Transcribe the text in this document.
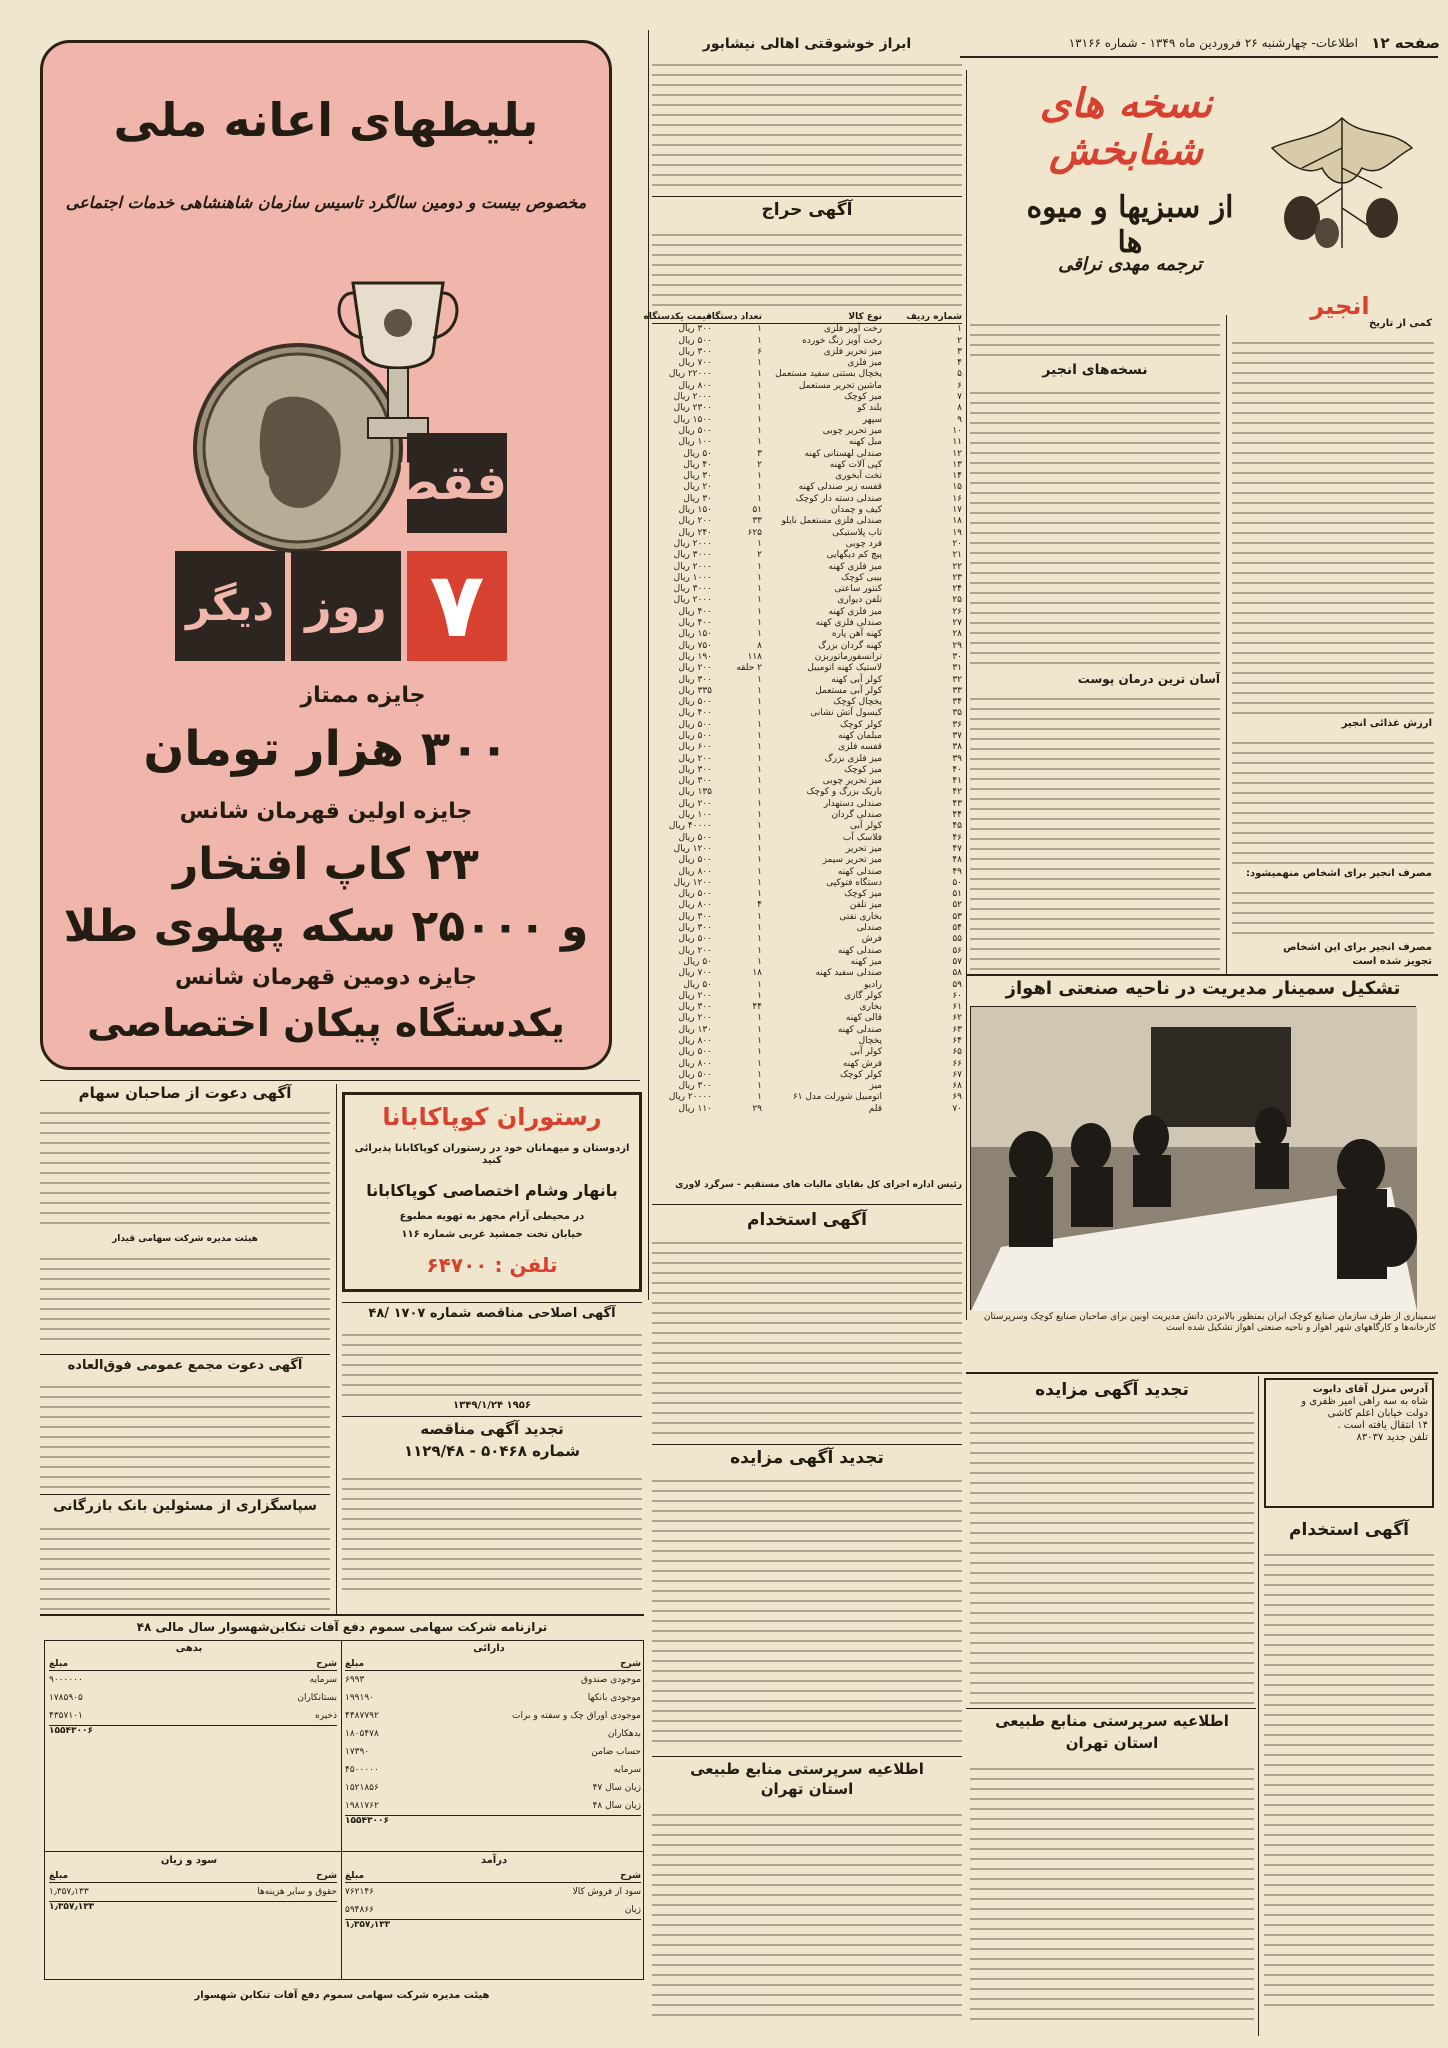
صفحه ۱۲
اطلاعات- چهارشنبه ۲۶ فروردین ماه ۱۳۴۹ - شماره ۱۳۱۶۶
نسخه های شفابخش
از سبزیها و میوه ها
ترجمه مهدی نراقی
انجیر
کمی از تاریخ
ارزش غذائی انجیر
مصرف انجیر برای اشخاص منهمیشود:
مصرف انجیر برای این اشخاص
تجویز شده است
نسخه‌های انجیر
آسان ترین درمان پوست
تشکیل سمینار مدیریت در ناحیه صنعتی اهواز
سمیناری از طرف سازمان صنایع کوچک ایران بمنظور بالابردن دانش مدیریت اوبین برای صاحبان صنایع کوچک وسرپرستان کارخانه‌ها و کارگاههای شهر اهواز و ناحیه صنعتی اهواز تشکیل شده است
آدرس منزل آقای دابوت
شاه به سه راهی امیر ظفری و
دولت خیابان اعلم کاشی
۱۴ انتقال یافته است .
تلفن جدید ۸۳۰۳۷
آگهی استخدام
تجدید آگهی مزایده
اطلاعیه سرپرستی منابع طبیعی
استان تهران
ابراز خوشوقتی اهالی نیشابور
آگهی حراج
شماره ردیف
نوع کالا
تعداد دستگاه
قیمت یکدستگاه
۱
رخت آویز فلزی
۱
۳۰۰ ریال
۲
رخت آویز زنگ خورده
۱
۵۰۰ ریال
۳
میز تحریر فلزی
۶
۳۰۰ ریال
۴
میز فلزی
۱
۷۰۰ ریال
۵
یخچال بستنی سفید مستعمل
۱
۲۲۰۰۰ ریال
۶
ماشین تحریر مستعمل
۱
۸۰۰ ریال
۷
میز کوچک
۱
۲۰۰۰ ریال
۸
بلند کو
۱
۲۳۰۰ ریال
۹
سپهر
۱
۱۵۰۰ ریال
۱۰
میز تحریر چوبی
۱
۵۰۰ ریال
۱۱
مبل کهنه
۱
۱۰۰ ریال
۱۲
صندلی لهستانی کهنه
۳
۵۰ ریال
۱۳
کپی آلات کهنه
۲
۴۰ ریال
۱۴
تخت آبخوری
۱
۳۰ ریال
۱۵
قفسه زیر صندلی کهنه
۱
۲۰ ریال
۱۶
صندلی دسته دار کوچک
۱
۳۰ ریال
۱۷
کیف و چمدان
۵۱
۱۵۰ ریال
۱۸
صندلی فلزی مستعمل نایلو
۳۳
۲۰۰ ریال
۱۹
تاب پلاستیکی
۶۲۵
۲۴۰ ریال
۲۰
فرد چوبی
۱
۲۰۰۰ ریال
۲۱
پیچ کم دیگهایی
۲
۳۰۰۰ ریال
۲۲
میز فلزی کهنه
۱
۲۰۰۰ ریال
۲۳
بیبی کوچک
۱
۱۰۰۰ ریال
۲۴
کنتور ساعتی
۱
۳۰۰۰ ریال
۲۵
تلفن دیواری
۱
۲۰۰۰ ریال
۲۶
میز فلزی کهنه
۱
۴۰۰ ریال
۲۷
صندلی فلزی کهنه
۱
۴۰۰ ریال
۲۸
کهنه آهن پاره
۱
۱۵۰ ریال
۲۹
کهنه گردان بزرگ
۸
۷۵۰ ریال
۳۰
ترانسفورماتوربزن
۱۱۸
۱۹۰ ریال
۳۱
لاستیک کهنه اتومبیل
۲ حلقه
۲۰۰ ریال
۳۲
کولر آبی کهنه
۱
۳۰۰ ریال
۳۳
کولر آبی مستعمل
۱
۳۳۵ ریال
۳۴
یخچال کوچک
۱
۵۰۰ ریال
۳۵
کیسول آتش نشانی
۱
۴۰۰ ریال
۳۶
کولر کوچک
۱
۵۰۰ ریال
۳۷
مبلمان کهنه
۱
۵۰۰ ریال
۳۸
قفسه فلزی
۱
۶۰۰ ریال
۳۹
میز فلزی بزرگ
۱
۲۰۰ ریال
۴۰
میز کوچک
۱
۳۰۰ ریال
۴۱
میز تحریر چوبی
۱
۳۰۰ ریال
۴۲
باریک بزرگ و کوچک
۱
۱۳۵ ریال
۴۳
صندلی دستهدار
۱
۲۰۰ ریال
۴۴
صندلی گردان
۱
۱۰۰ ریال
۴۵
کولر آبی
۱
۴۰۰۰۰ ریال
۴۶
فلاسک آب
۱
۵۰۰ ریال
۴۷
میز تحریر
۱
۱۲۰۰ ریال
۴۸
میز تحریر سیمز
۱
۵۰۰ ریال
۴۹
صندلی کهنه
۱
۸۰۰ ریال
۵۰
دستگاه فتوکپی
۱
۱۲۰۰ ریال
۵۱
میز کوچک
۱
۵۰۰ ریال
۵۲
میز تلفن
۴
۸۰۰ ریال
۵۳
بخاری نفتی
۱
۳۰۰ ریال
۵۴
صندلی
۱
۳۰۰ ریال
۵۵
فرش
۱
۵۰۰ ریال
۵۶
صندلی کهنه
۱
۲۰۰ ریال
۵۷
میز کهنه
۱
۵۰ ریال
۵۸
صندلی سفید کهنه
۱۸
۷۰۰ ریال
۵۹
رادیو
۱
۵۰ ریال
۶۰
کولر گازی
۱
۲۰۰ ریال
۶۱
بخاری
۴۴
۳۰۰ ریال
۶۲
قالی کهنه
۱
۲۰۰ ریال
۶۳
صندلی کهنه
۱
۱۳۰ ریال
۶۴
یخچال
۱
۸۰۰ ریال
۶۵
کولر آبی
۱
۵۰۰ ریال
۶۶
فرش کهنه
۱
۸۰۰ ریال
۶۷
کولر کوچک
۱
۵۰۰ ریال
۶۸
میز
۱
۳۰۰ ریال
۶۹
اتومبیل شورلت مدل ۶۱
۱
۲۰۰۰۰ ریال
۷۰
قلم
۲۹
۱۱۰ ریال
رئیس اداره اجرای کل بقایای مالیات های مستقیم - سرگرد لاوری
آگهی استخدام
تجدید آگهی مزایده
اطلاعیه سرپرستی منابع طبیعی
استان تهران
بلیطهای اعانه ملی
مخصوص بیست و دومین سالگرد تاسیس سازمان شاهنشاهی خدمات اجتماعی
فقط
۷
روز
دیگر
جایزه ممتاز
۳۰۰ هزار تومان
جایزه اولین قهرمان شانس
۲۳ کاپ افتخار
و ۲۵۰۰۰ سکه پهلوی طلا
جایزه دومین قهرمان شانس
یکدستگاه پیکان اختصاصی
آگهی دعوت از صاحبان سهام
هیئت مدیره شرکت سهامی قیدار
آگهی دعوت مجمع عمومی فوق‌العاده
سپاسگزاری از مسئولین بانک بازرگانی
رستوران کوپاکابانا
ازدوستان و میهمانان خود در رستوران کوپاکابانا پذیرائی کنید
بانهار وشام اختصاصی کوپاکابانا
در محیطی آرام مجهز به تهویه مطبوع
خیابان تخت جمشید غربی شماره ۱۱۶
تلفن : ۶۴۷۰۰
آگهی اصلاحی مناقصه شماره ۱۷۰۷ /۴۸
۱۹۵۶ ۱۳۴۹/۱/۲۴
تجدید آگهی مناقصه
شماره ۵۰۴۶۸ - ۱۱۲۹/۴۸
ترازنامه شرکت سهامی سموم دفع آفات تنکابن‌شهسوار سال مالی ۴۸
دارائی
بدهی
شرح
مبلغ
موجودی صندوق
۶۹۹۳
موجودی بانکها
۱۹۹۱۹۰
موجودی اوراق چک و سفته و برات
۴۴۸۷۷۹۲
بدهکاران
۱۸۰۵۴۷۸
حساب ضامن
۱۷۳۹۰
سرمایه
۴۵۰۰۰۰۰
زیان سال ۴۷
۱۵۲۱۸۵۶
زیان سال ۴۸
۱۹۸۱۷۶۲
۱۵۵۴۳۰۰۶
شرح
مبلغ
سرمایه
۹۰۰۰۰۰۰
بستانکاران
۱۷۸۵۹۰۵
ذخیره
۴۳۵۷۱۰۱
۱۵۵۴۳۰۰۶
درآمد
سود و زیان
شرح
مبلغ
سود از فروش کالا
۷۶۲۱۴۶
زیان
۵۹۴۸۶۶
۱٫۳۵۷٫۱۳۳
شرح
مبلغ
حقوق و سایر هزینه‌ها
۱٫۳۵۷٫۱۳۳
۱٫۳۵۷٫۱۳۳
هیئت مدیره شرکت سهامی سموم دفع آفات تنکابن شهسوار
